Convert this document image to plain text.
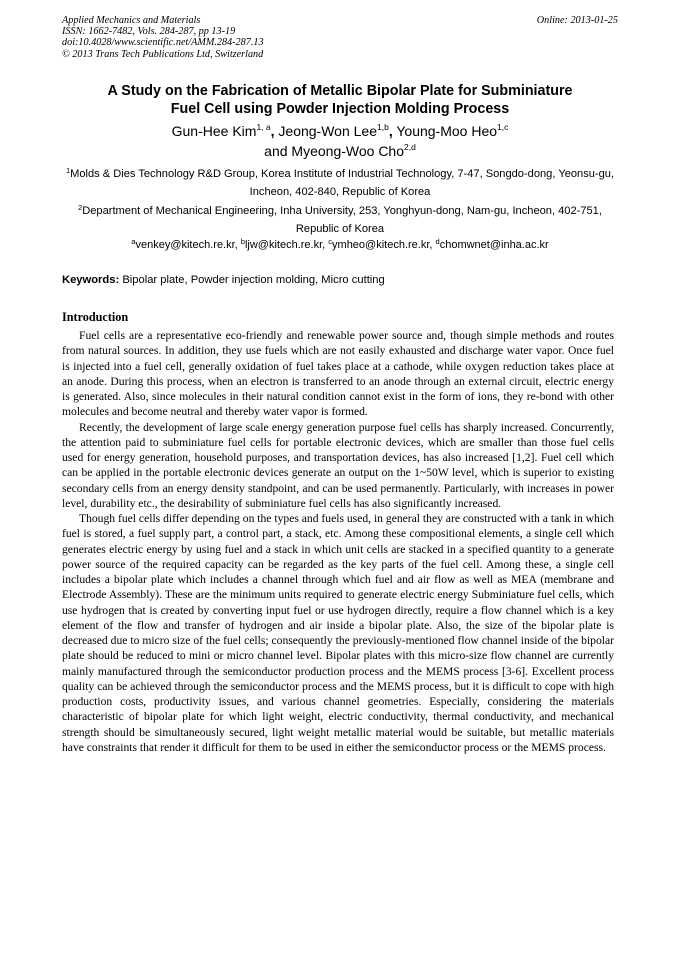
Applied Mechanics and Materials
ISSN: 1662-7482, Vols. 284-287, pp 13-19
doi:10.4028/www.scientific.net/AMM.284-287.13
© 2013 Trans Tech Publications Ltd, Switzerland
Online: 2013-01-25
A Study on the Fabrication of Metallic Bipolar Plate for Subminiature
Fuel Cell using Powder Injection Molding Process
Gun-Hee Kim$^{1, a}$, Jeong-Won Lee$^{1,b}$, Young-Moo Heo$^{1,c}$
and Myeong-Woo Cho$^{2,d}$
$^1$Molds & Dies Technology R&D Group, Korea Institute of Industrial Technology, 7-47, Songdo-dong, Yeonsu-gu, Incheon, 402-840, Republic of Korea
$^2$Department of Mechanical Engineering, Inha University, 253, Yonghyun-dong, Nam-gu, Incheon, 402-751, Republic of Korea
$^a$venkey@kitech.re.kr, $^b$ljw@kitech.re.kr, $^c$ymheo@kitech.re.kr, $^d$chomwnet@inha.ac.kr
Keywords: Bipolar plate, Powder injection molding, Micro cutting
Introduction

Fuel cells are a representative eco-friendly and renewable power source and, though simple methods and routes from natural sources. In addition, they use fuels which are not easily exhausted and discharge water vapor. Once fuel is injected into a fuel cell, generally oxidation of fuel takes place at a cathode, while oxygen reduction takes place at an anode. During this process, when an electron is transferred to an anode through an external circuit, electric energy is generated. Also, since molecules in their natural condition cannot exist in the form of ions, they re-bond with other molecules and become neutral and thereby water vapor is formed.

Recently, the development of large scale energy generation purpose fuel cells has sharply increased. Concurrently, the attention paid to subminiature fuel cells for portable electronic devices, which are smaller than those fuel cells used for energy generation, household purposes, and transportation devices, has also increased [1,2]. Fuel cell which can be applied in the portable electronic devices generate an output on the 1~50W level, which is superior to existing secondary cells from an energy density standpoint, and can be used permanently. Particularly, with increases in power level, durability etc., the desirability of subminiature fuel cells has also significantly increased.

Though fuel cells differ depending on the types and fuels used, in general they are constructed with a tank in which fuel is stored, a fuel supply part, a control part, a stack, etc. Among these compositional elements, a single cell which generates electric energy by using fuel and a stack in which unit cells are stacked in a specified quantity to a generate power source of the required capacity can be regarded as the key parts of the fuel cell. Among these, a single cell includes a bipolar plate which includes a channel through which fuel and air flow as well as MEA (membrane and Electrode Assembly). These are the minimum units required to generate electric energy Subminiature fuel cells, which use hydrogen that is created by converting input fuel or use hydrogen directly, require a flow channel which is a key element of the flow and transfer of hydrogen and air inside a bipolar plate. Also, the size of the bipolar plate is decreased due to micro size of the fuel cells; consequently the previously-mentioned flow channel inside of the bipolar plate should be reduced to mini or micro channel level. Bipolar plates with this micro-size flow channel are currently mainly manufactured through the semiconductor production process and the MEMS process [3-6]. Excellent process quality can be achieved through the semiconductor process and the MEMS process, but it is difficult to cope with high production costs, productivity issues, and various channel geometries. Especially, considering the materials characteristic of bipolar plate for which light weight, electric conductivity, thermal conductivity, and mechanical strength should be simultaneously secured, light weight metallic material would be suitable, but metallic materials have constraints that render it difficult for them to be used in either the semiconductor process or the MEMS process.
